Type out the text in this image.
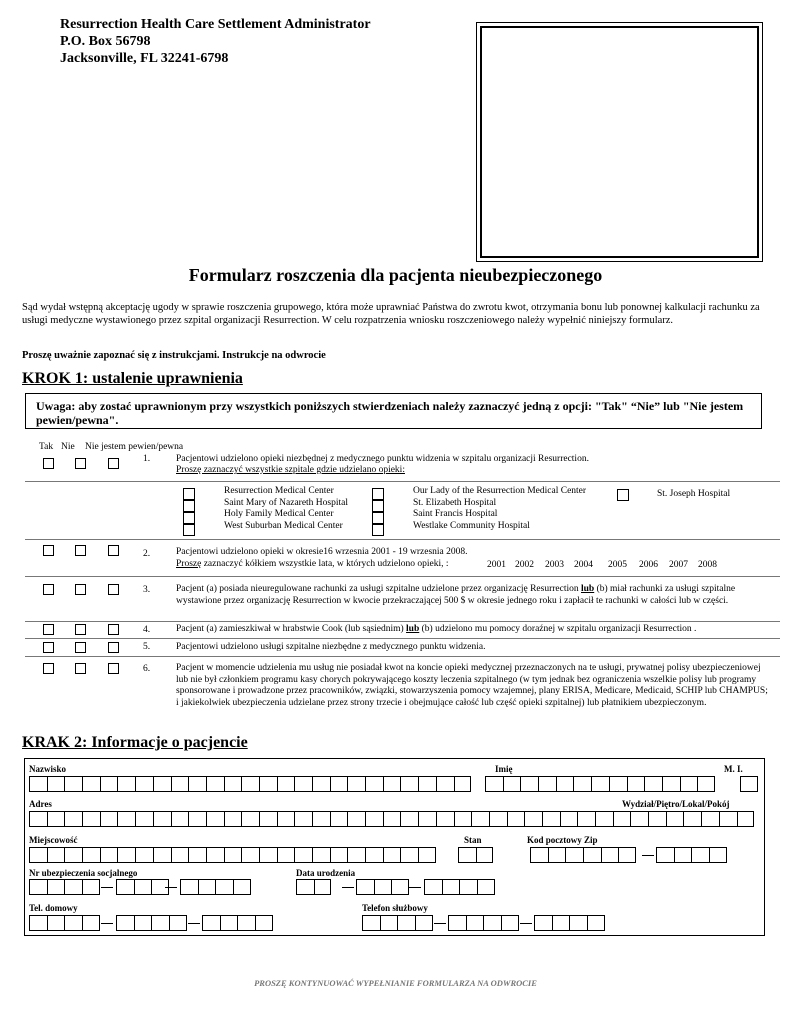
Resurrection Health Care Settlement Administrator
P.O. Box 56798
Jacksonville, FL 32241-6798
Formularz roszczenia dla pacjenta nieubezpieczonego
Sąd wydał wstępną akceptację ugody w sprawie roszczenia grupowego, która może uprawniać Państwa do zwrotu kwot, otrzymania bonu lub ponownej kalkulacji rachunku za usługi medyczne wystawionego przez szpital organizacji Resurrection. W celu rozpatrzenia wniosku roszczeniowego należy wypełnić niniejszy formularz.
Proszę uważnie zapoznać się z instrukcjami. Instrukcje na odwrocie
KROK 1: ustalenie uprawnienia
Uwaga: aby zostać uprawnionym przy wszystkich poniższych stwierdzeniach należy zaznaczyć jedną z opcji: "Tak" “Nie” lub "Nie jestem pewien/pewna".
Tak Nie Nie jestem pewien/pewna
1.	Pacjentowi udzielono opieki niezbędnej z medycznego punktu widzenia w szpitalu organizacji Resurrection.
Proszę zaznaczyć wszystkie szpitale gdzie udzielano opieki:
Resurrection Medical Center
Saint Mary of Nazareth Hospital
Holy Family Medical Center
West Suburban Medical Center
Our Lady of the Resurrection Medical Center
St. Elizabeth Hospital
Saint Francis Hospital
Westlake Community Hospital
St. Joseph Hospital
2.	Pacjentowi udzielono opieki w okresie16 wrzesnia 2001 - 19 wrzesnia 2008.
Proszę zaznaczyć kółkiem wszystkie lata, w których udzielono opieki, :	2001 2002 2003 2004 2005 2006 2007 2008
3.	Pacjent (a) posiada nieuregulowane rachunki za usługi szpitalne udzielone przez organizację Resurrection lub (b) miał rachunki za usługi szpitalne wystawione przez organizację Resurrection w kwocie przekraczającej 500 $ w okresie jednego roku i zapłacił te rachunki w całości lub w części.
4.	Pacjent (a) zamieszkiwał w hrabstwie Cook (lub sąsiednim) lub (b) udzielono mu pomocy doraźnej w szpitalu organizacji Resurrection .
5.	Pacjentowi udzielono usługi szpitalne niezbędne z medycznego punktu widzenia.
6.	Pacjent w momencie udzielenia mu usług nie posiadał kwot na koncie opieki medycznej przeznaczonych na te usługi, prywatnej polisy ubezpieczeniowej lub nie był członkiem programu kasy chorych pokrywającego koszty leczenia szpitalnego (w tym jednak bez ograniczenia wszelkie polisy lub programy sponsorowane i prowadzone przez pracowników, związki, stowarzyszenia pomocy wzajemnej, plany ERISA, Medicare, Medicaid, SCHIP lub CHAMPUS; i jakiekolwiek ubezpieczenia udzielane przez strony trzecie i obejmujące całość lub część opieki szpitalnej) lub płatnikiem ubezpieczonym.
KRAK 2: Informacje o pacjencie
Nazwisko	Imię	M. I.
Adres	Wydział/Piętro/Lokal/Pokój
Miejscowość	Stan	Kod pocztowy Zip
Nr ubezpieczenia socjalnego	Data urodzenia
Tel. domowy	Telefon służbowy
PROSZĘ KONTYNUOWAĆ WYPEŁNIANIE FORMULARZA NA ODWROCIE
